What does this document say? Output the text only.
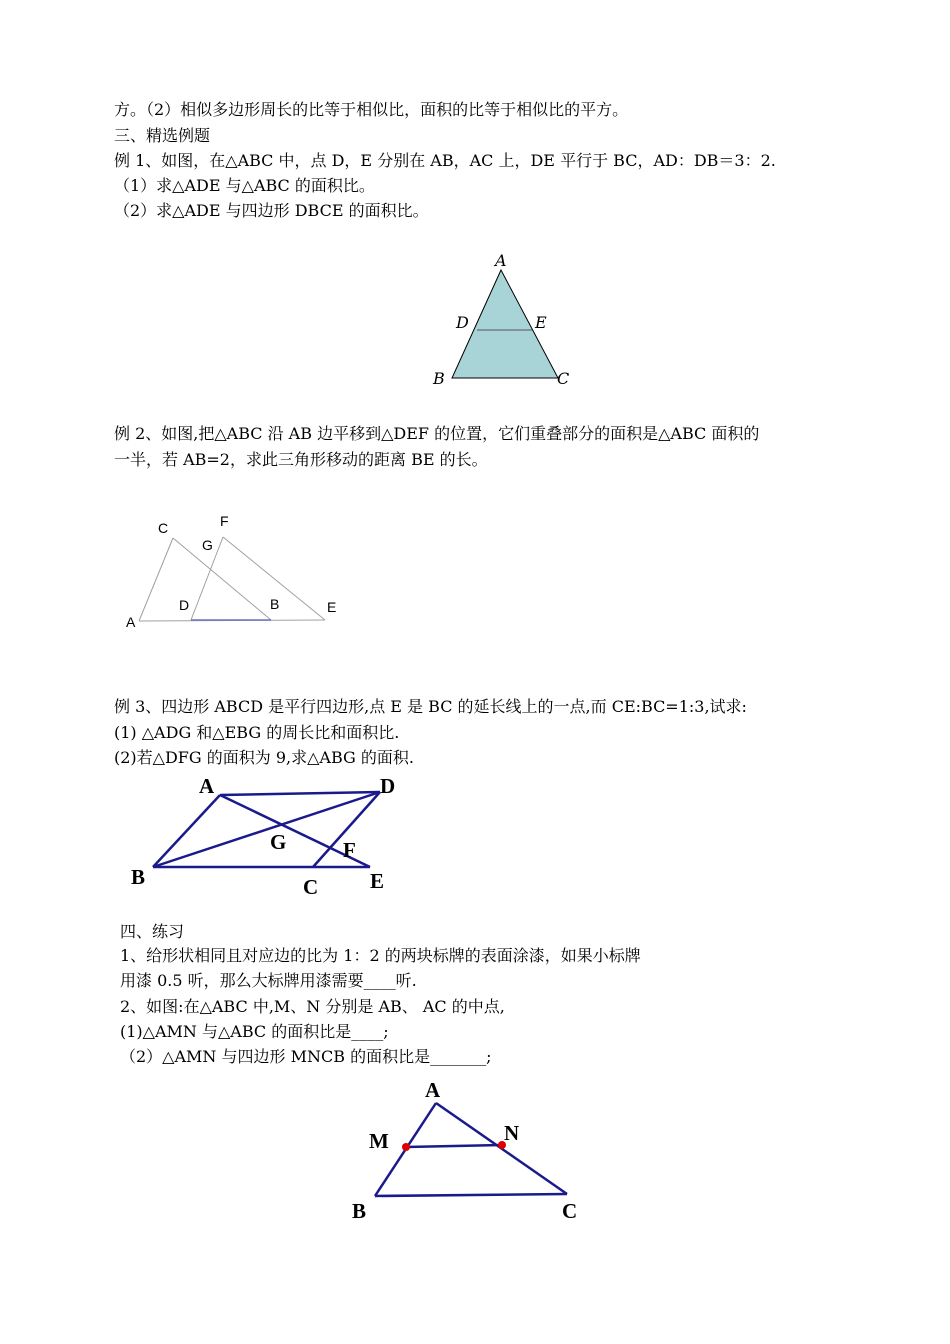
方。（2）相似多边形周长的比等于相似比，面积的比等于相似比的平方。
三、精选例题
例 1、如图，在△ABC 中，点 D，E 分别在 AB，AC 上，DE 平行于 BC，AD：DB＝3：2.
（1）求△ADE 与△ABC 的面积比。
（2）求△ADE 与四边形 DBCE 的面积比。
A
D	E
B	C
例 2、如图,把△ABC 沿 AB 边平移到△DEF 的位置，它们重叠部分的面积是△ABC 面积的
一半，若 AB=2，求此三角形移动的距离 BE 的长。
C	F
G
D	B	E
A
例 3、四边形 ABCD 是平行四边形,点 E 是 BC 的延长线上的一点,而 CE:BC=1:3,试求:
(1) △ADG 和△EBG 的周长比和面积比.
(2)若△DFG 的面积为 9,求△ABG 的面积.
A	D
G	F
B	C E
四、练习
1、给形状相同且对应边的比为 1：2 的两块标牌的表面涂漆，如果小标牌
用漆 0.5 听，那么大标牌用漆需要____听.
2、如图:在△ABC 中,M、N 分别是 AB、 AC 的中点,
(1)△AMN 与△ABC 的面积比是____;
（2）△AMN 与四边形 MNCB 的面积比是_______;
A
M	N
B	C
